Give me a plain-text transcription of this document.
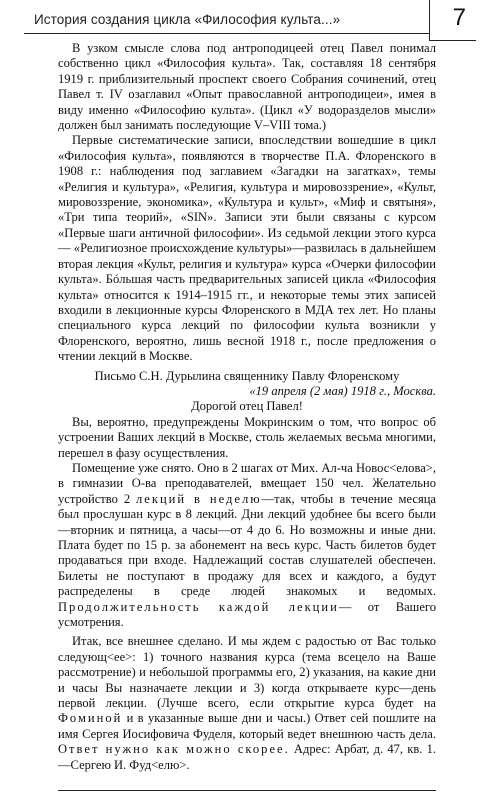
История создания цикла «Философия культа...»	7

В узком смысле слова под антроподицеей отец Павел понимал собственно цикл «Философия культа». Так, составляя 18 сентября 1919 г. приблизительный проспект своего Собрания сочинений, отец Павел т. IV озаглавил «Опыт православной антроподицеи», имея в виду именно «Философию культа». (Цикл «У водоразделов мысли» должен был занимать последующие V–VIII тома.)

Первые систематические записи, впоследствии вошедшие в цикл «Философия культа», появляются в творчестве П.А. Флоренского в 1908 г.: наблюдения под заглавием «Загадки на загатках», темы «Религия и культура», «Религия, культура и мировоззрение», «Культ, мировоззрение, экономика», «Культура и культ», «Миф и святыня», «Три типа теорий», «SIN». Записи эти были связаны с курсом «Первые шаги античной философии». Из седьмой лекции этого курса— «Религиозное происхождение культуры»—развилась в дальнейшем вторая лекция «Культ, религия и культура» курса «Очерки философии культа». Бóльшая часть предварительных записей цикла «Философия культа» относится к 1914–1915 гг., и некоторые темы этих записей входили в лекционные курсы Флоренского в МДА тех лет. Но планы специального курса лекций по философии культа возникли у Флоренского, вероятно, лишь весной 1918 г., после предложения о чтении лекций в Москве.

Письмо С.Н. Дурылина священнику Павлу Флоренскому

«19 апреля (2 мая) 1918 г., Москва.

Дорогой отец Павел!

Вы, вероятно, предупреждены Мокринским о том, что вопрос об устроении Ваших лекций в Москве, столь желаемых весьма многими, перешел в фазу осуществления.

Помещение уже снято. Оно в 2 шагах от Мих. Ал-ча Новос<елова>, в гимназии О-ва преподавателей, вмещает 150 чел. Желательно устройство 2 лекций в неделю—так, чтобы в течение месяца был прослушан курс в 8 лекций. Дни лекций удобнее бы всего были—вторник и пятница, а часы—от 4 до 6. Но возможны и иные дни. Плата будет по 15 р. за абонемент на весь курс. Часть билетов будет продаваться при входе. Надлежащий состав слушателей обеспечен. Билеты не поступают в продажу для всех и каждого, а будут распределены в среде людей знакомых и ведомых. Продолжительность каждой лекции— от Вашего усмотрения.

Итак, все внешнее сделано. И мы ждем с радостью от Вас только следующ<ее>: 1) точного названия курса (тема всецело на Ваше рассмотрение) и небольшой программы его, 2) указания, на какие дни и часы Вы назначаете лекции и 3) когда открываете курс—день первой лекции. (Лучше всего, если открытие курса будет на Фоминой и в указанные выше дни и часы.) Ответ сей пошлите на имя Сергея Иосифовича Фуделя, который ведет внешнюю часть дела. Ответ нужно как можно скорее. Адрес: Арбат, д. 47, кв. 1.—Сергею И. Фуд<елю>.
